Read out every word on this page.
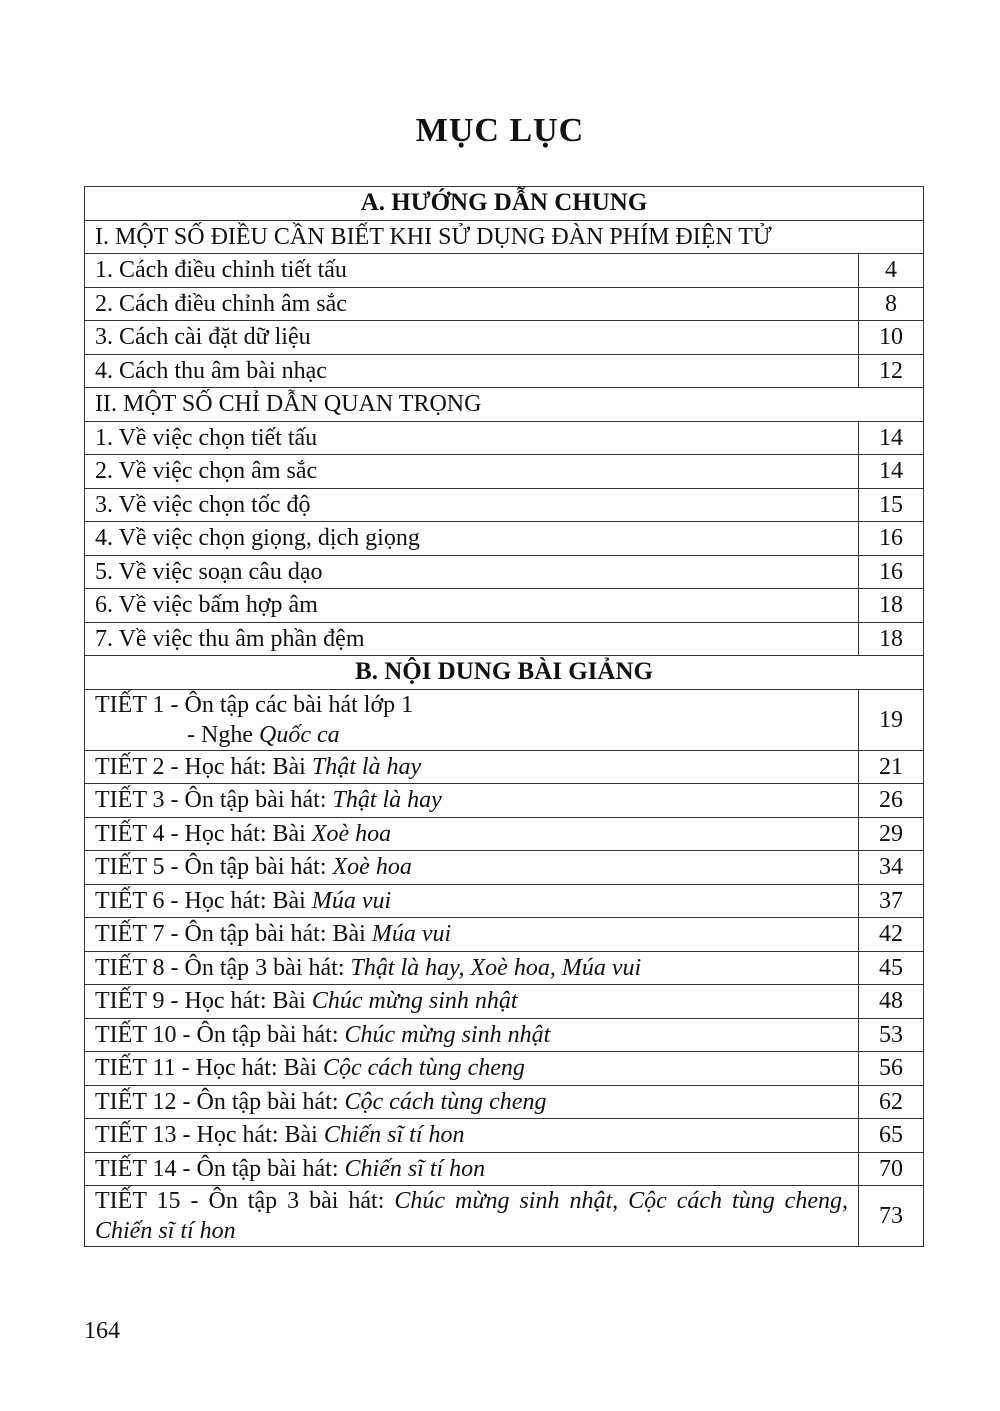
MỤC LỤC
A. HƯỚNG DẪN CHUNG	
I. MỘT SỐ ĐIỀU CẦN BIẾT KHI SỬ DỤNG ĐÀN PHÍM ĐIỆN TỬ	
1. Cách điều chỉnh tiết tấu	4
2. Cách điều chỉnh âm sắc	8
3. Cách cài đặt dữ liệu	10
4. Cách thu âm bài nhạc	12
II. MỘT SỐ CHỈ DẪN QUAN TRỌNG	
1. Về việc chọn tiết tấu	14
2. Về việc chọn âm sắc	14
3. Về việc chọn tốc độ	15
4. Về việc chọn giọng, dịch giọng	16
5. Về việc soạn câu dạo	16
6. Về việc bấm hợp âm	18
7. Về việc thu âm phần đệm	18
B. NỘI DUNG BÀI GIẢNG	
TIẾT 1 - Ôn tập các bài hát lớp 1

- Nghe Quốc ca	19
TIẾT 2 - Học hát: Bài Thật là hay	21
TIẾT 3 - Ôn tập bài hát: Thật là hay	26
TIẾT 4 - Học hát: Bài Xoè hoa	29
TIẾT 5 - Ôn tập bài hát: Xoè hoa	34
TIẾT 6 - Học hát: Bài Múa vui	37
TIẾT 7 - Ôn tập bài hát: Bài Múa vui	42
TIẾT 8 - Ôn tập 3 bài hát: Thật là hay, Xoè hoa, Múa vui	45
TIẾT 9 - Học hát: Bài Chúc mừng sinh nhật	48
TIẾT 10 - Ôn tập bài hát: Chúc mừng sinh nhật	53
TIẾT 11 - Học hát: Bài Cộc cách tùng cheng	56
TIẾT 12 - Ôn tập bài hát: Cộc cách tùng cheng	62
TIẾT 13 - Học hát: Bài Chiến sĩ tí hon	65
TIẾT 14 - Ôn tập bài hát: Chiến sĩ tí hon	70
TIẾT 15 - Ôn tập 3 bài hát: Chúc mừng sinh nhật, Cộc cách tùng cheng, Chiến sĩ tí hon	73
164
